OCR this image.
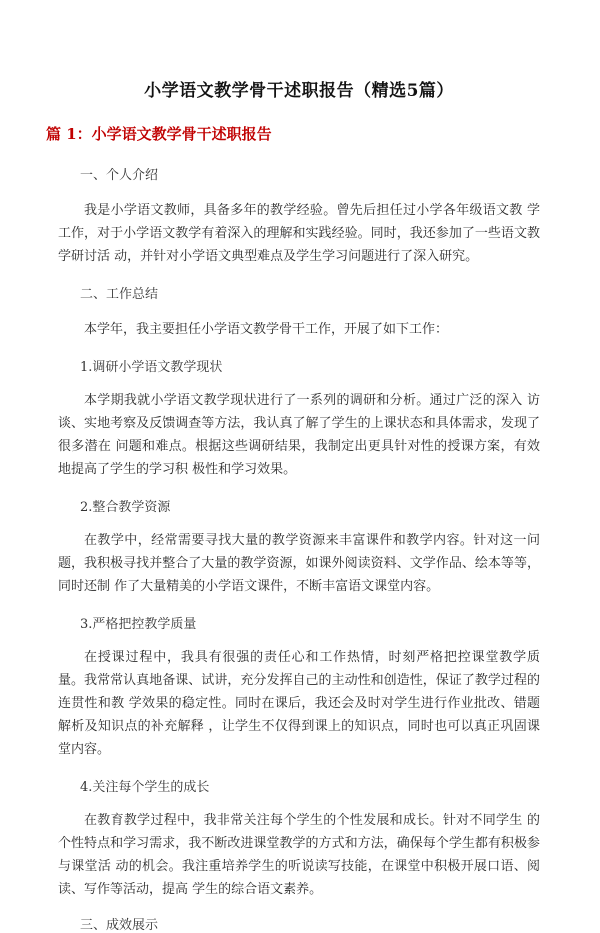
小学语文教学骨干述职报告（精选5篇）
篇 1：小学语文教学骨干述职报告
一、个人介绍

我是小学语文教师，具备多年的教学经验。曾先后担任过小学各年级语文教 学工作，对于小学语文教学有着深入的理解和实践经验。同时，我还参加了一些语文教学研讨活 动，并针对小学语文典型难点及学生学习问题进行了深入研究。

二、工作总结

本学年，我主要担任小学语文教学骨干工作，开展了如下工作：

1.调研小学语文教学现状

本学期我就小学语文教学现状进行了一系列的调研和分析。通过广泛的深入 访谈、实地考察及反馈调查等方法，我认真了解了学生的上课状态和具体需求，发现了很多潜在 问题和难点。根据这些调研结果，我制定出更具针对性的授课方案，有效地提高了学生的学习积 极性和学习效果。

2.整合教学资源

在教学中，经常需要寻找大量的教学资源来丰富课件和教学内容。针对这一问题，我积极寻找并整合了大量的教学资源，如课外阅读资料、文学作品、绘本等等，同时还制 作了大量精美的小学语文课件，不断丰富语文课堂内容。

3.严格把控教学质量

在授课过程中，我具有很强的责任心和工作热情，时刻严格把控课堂教学质 量。我常常认真地备课、试讲，充分发挥自己的主动性和创造性，保证了教学过程的连贯性和教 学效果的稳定性。同时在课后，我还会及时对学生进行作业批改、错题解析及知识点的补充解释 ，让学生不仅得到课上的知识点，同时也可以真正巩固课堂内容。

4.关注每个学生的成长

在教育教学过程中，我非常关注每个学生的个性发展和成长。针对不同学生 的个性特点和学习需求，我不断改进课堂教学的方式和方法，确保每个学生都有积极参与课堂活 动的机会。我注重培养学生的听说读写技能，在课堂中积极开展口语、阅读、写作等活动，提高 学生的综合语文素养。

三、成效展示
